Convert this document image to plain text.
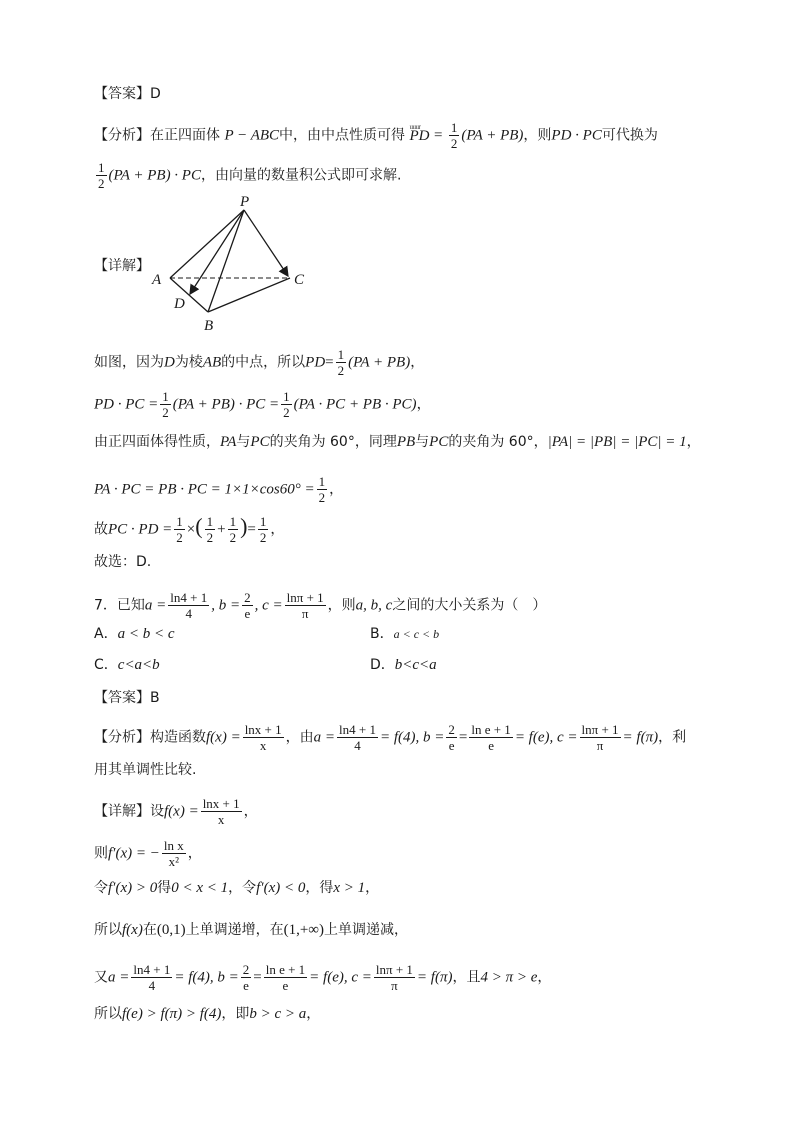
【答案】D
【分析】在正四面体 P − ABC中，由中点性质可得 uuur PD = $\frac{1}{2} (PA + PB)$，则PD · PC可代换为
$\frac{1}{2} (PA + PB)$ · PC，由向量的数量积公式即可求解.
【详解】
P
A	C
D
B
如图，因为D为棱AB的中点，所以$PD= \frac{1}{2} (PA + PB)$，
PD · PC = $\frac{1}{2} (PA + PB)$ · PC = $\frac{1}{2} (PA$ · PC + PB · PC)，
由正四面体得性质，PA与PC的夹角为 60°，同理PB与PC的夹角为 60°，|PA| = |PB| = |PC| = 1，
PA · PC = PB · PC = $1\times 1\times\cos 60^\circ = \frac{1}{2}$ ，
故PC · PD = $\frac{1}{2}$ ×( $\frac{1}{2} + \frac{1}{2}$ )= $\frac{1}{2}$ ，
故选：D.
7．已知$a = \frac{\ln 4 + 1}{4}$ , $b = \frac{2}{e}$ , $c = \frac{\ln\pi + 1}{\pi}$ ，则a, b, c之间的大小关系为（　）
A．a < b < c	B．a < c < b
C．c<a<b	D．b<c<a
【答案】B
【分析】构造函数$f(x) = \frac{\ln x + 1}{x}$ ，由$a = \frac{\ln 4 + 1}{4} = f(4)$, $b = \frac{2}{e} = \frac{\text{ln e + 1}}{e} = f(e)$, $c = \frac{\ln\pi + 1}{\pi} = f(\pi)$，利
用其单调性比较.
【详解】设$f(x) = \frac{\ln x + 1}{x}$ ，
则f′(x) = − $\frac{\text{ln x}}{\text{x²}}$ ，
令f′(x) > 0得0 < x < 1，令f′(x) < 0，得x > 1，
所以f(x)在(0,1)上单调递增，在(1,+∞)上单调递减，
又$a = \frac{\ln 4 + 1}{4} = f(4)$, $b = \frac{2}{e} = \frac{\text{ln e + 1}}{e} = f(e)$, $c = \frac{\ln\pi + 1}{\pi} = f(\pi)$，且4 > π > e，
所以f(e) > f(π) > f(4)，即b > c > a，
